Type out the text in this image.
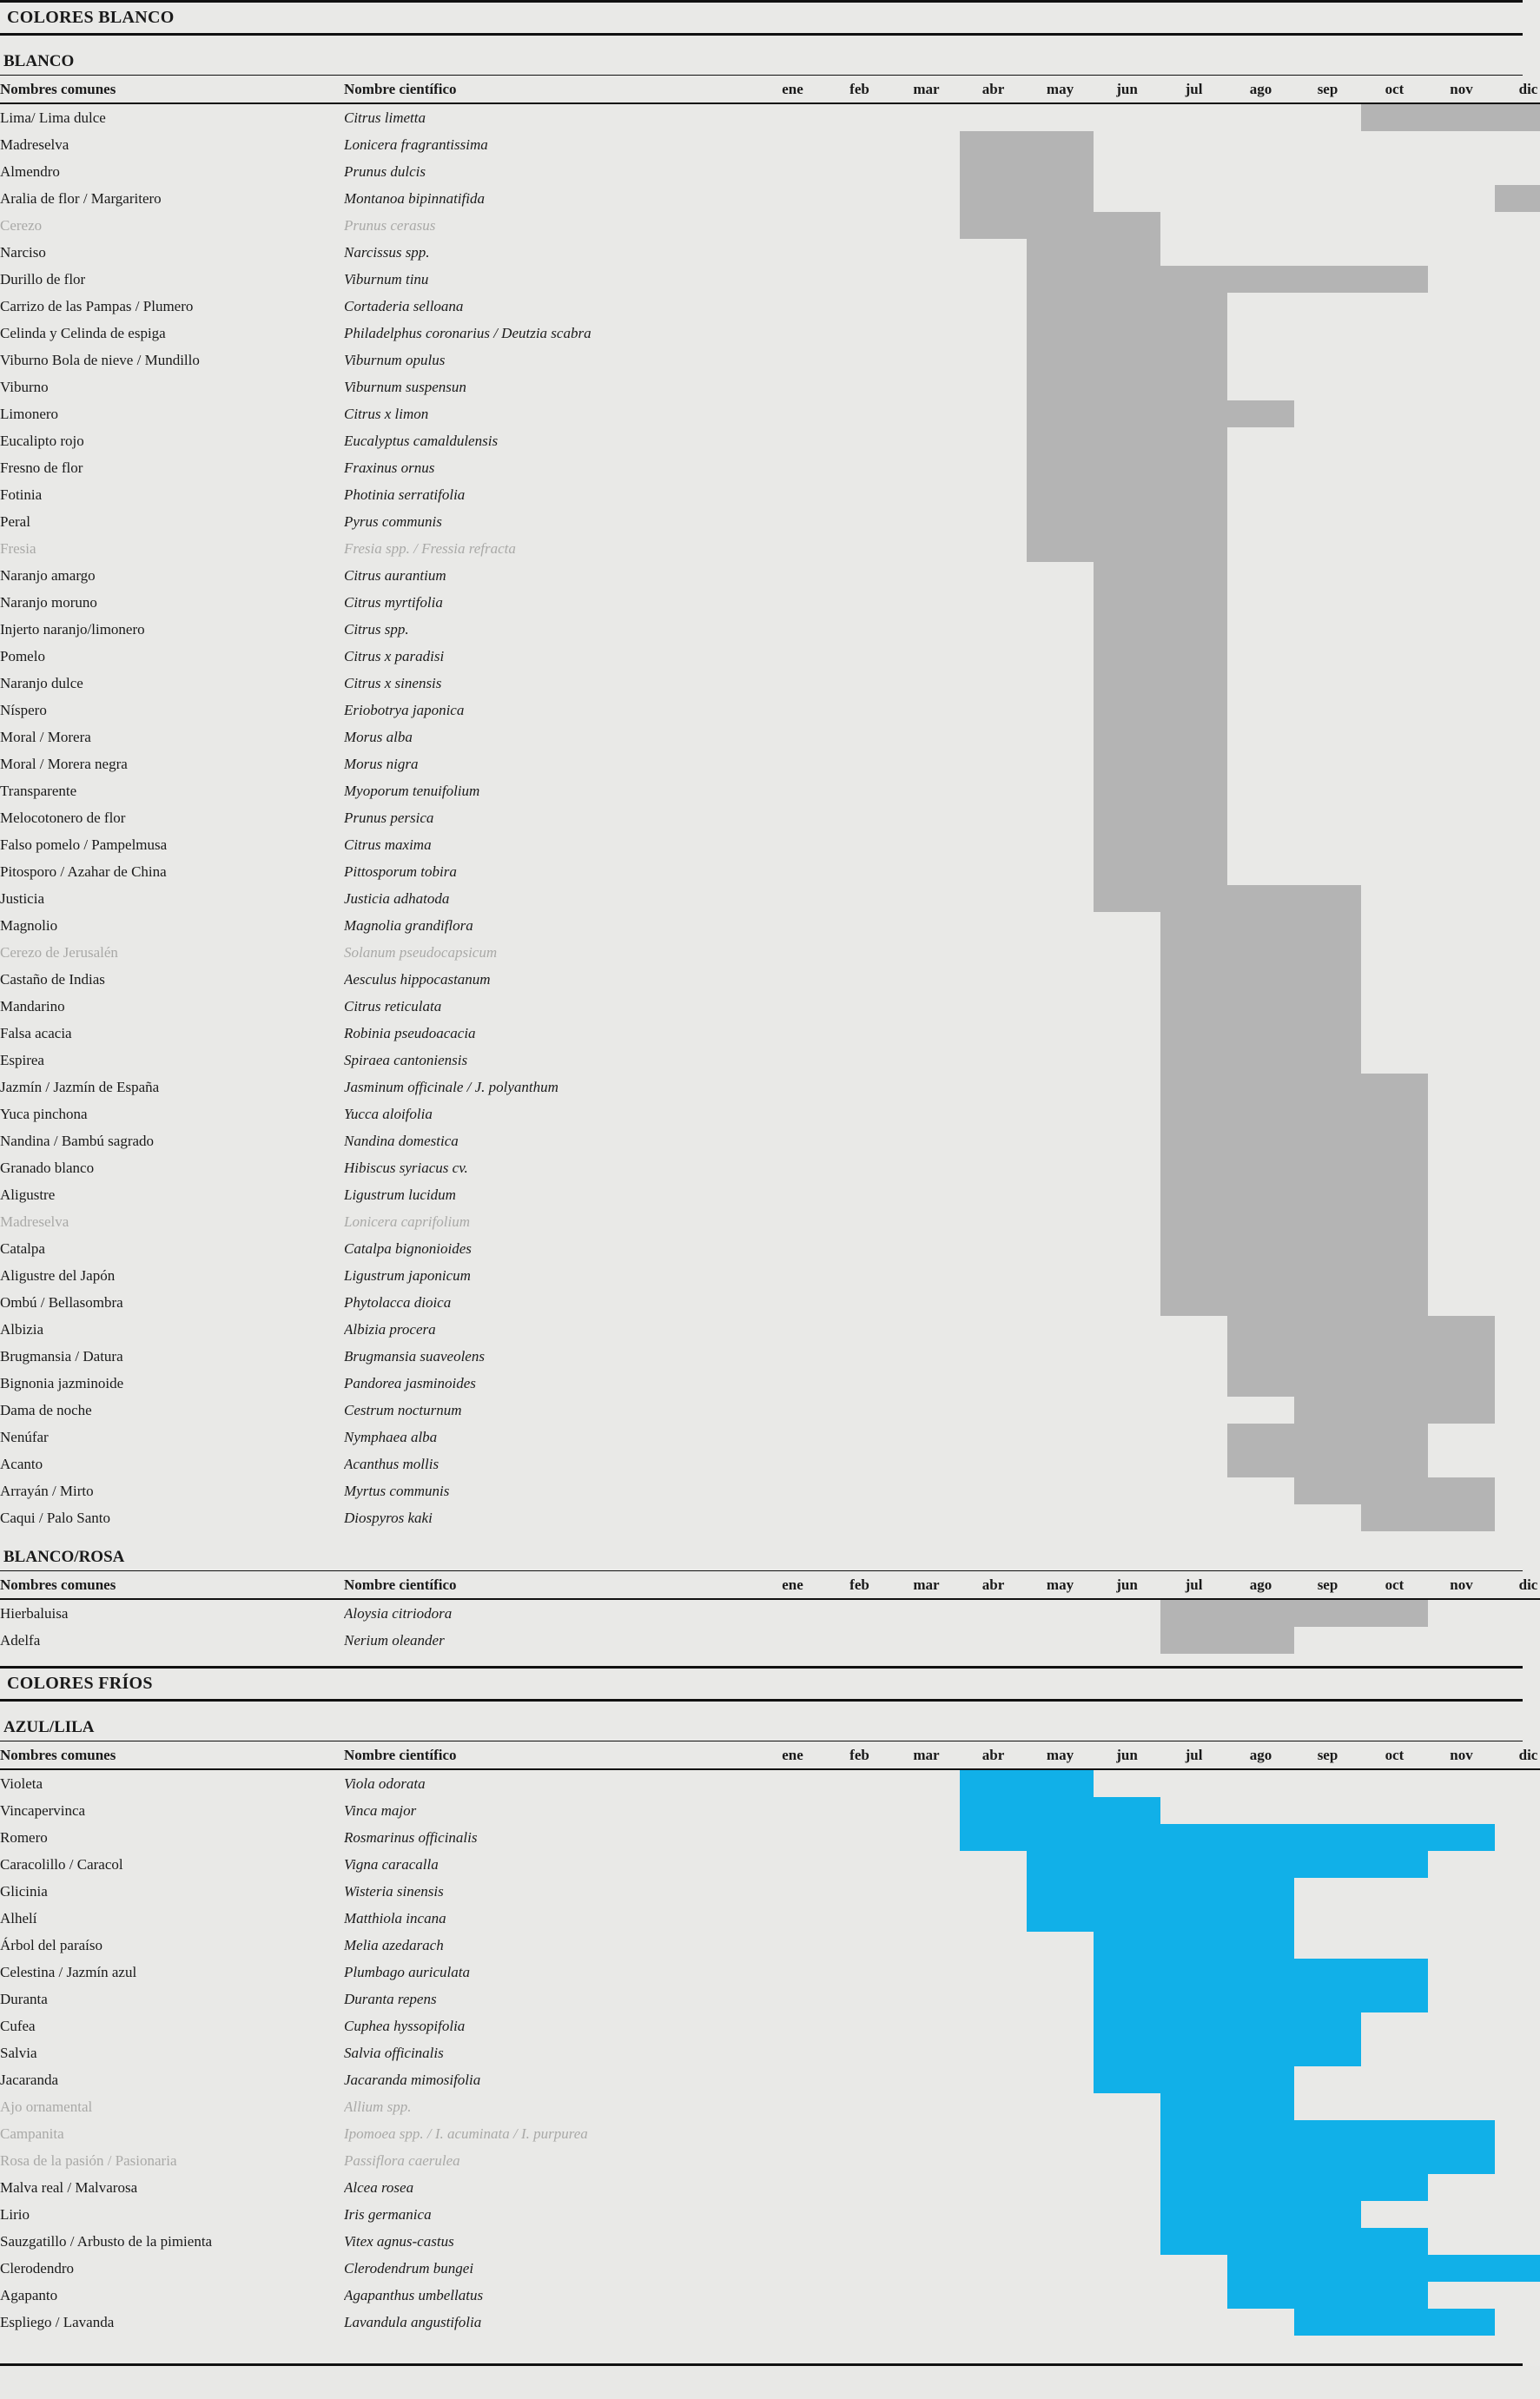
COLORES BLANCO
BLANCO
Nombres comunes	Nombre científico	ene	feb	mar	abr	may	jun	jul	ago	sep	oct	nov	dic
Lima/ Lima dulce	Citrus limetta	

Madreselva	Lonicera fragrantissima	

Almendro	Prunus dulcis	

Aralia de flor / Margaritero	Montanoa bipinnatifida	

Cerezo	Prunus cerasus	

Narciso	Narcissus spp.	

Durillo de flor	Viburnum tinu	

Carrizo de las Pampas / Plumero	Cortaderia selloana	

Celinda y Celinda de espiga	Philadelphus coronarius / Deutzia scabra	

Viburno Bola de nieve / Mundillo	Viburnum opulus	

Viburno	Viburnum suspensun	

Limonero	Citrus x limon	

Eucalipto rojo	Eucalyptus camaldulensis	

Fresno de flor	Fraxinus ornus	

Fotinia	Photinia serratifolia	

Peral	Pyrus communis	

Fresia	Fresia spp. / Fressia refracta	

Naranjo amargo	Citrus aurantium	

Naranjo moruno	Citrus myrtifolia	

Injerto naranjo/limonero	Citrus spp.	

Pomelo	Citrus x paradisi	

Naranjo dulce	Citrus x sinensis	

Níspero	Eriobotrya japonica	

Moral / Morera	Morus alba	

Moral / Morera negra	Morus nigra	

Transparente	Myoporum tenuifolium	

Melocotonero de flor	Prunus persica	

Falso pomelo / Pampelmusa	Citrus maxima	

Pitosporo / Azahar de China	Pittosporum tobira	

Justicia	Justicia adhatoda	

Magnolio	Magnolia grandiflora	

Cerezo de Jerusalén	Solanum pseudocapsicum	

Castaño de Indias	Aesculus hippocastanum	

Mandarino	Citrus reticulata	

Falsa acacia	Robinia pseudoacacia	

Espirea	Spiraea cantoniensis	

Jazmín / Jazmín de España	Jasminum officinale / J. polyanthum	

Yuca pinchona	Yucca aloifolia	

Nandina / Bambú sagrado	Nandina domestica	

Granado blanco	Hibiscus syriacus cv.	

Aligustre	Ligustrum lucidum	

Madreselva	Lonicera caprifolium	

Catalpa	Catalpa bignonioides	

Aligustre del Japón	Ligustrum japonicum	

Ombú / Bellasombra	Phytolacca dioica	

Albizia	Albizia procera	

Brugmansia / Datura	Brugmansia suaveolens	

Bignonia jazminoide	Pandorea jasminoides	

Dama de noche	Cestrum nocturnum	

Nenúfar	Nymphaea alba	

Acanto	Acanthus mollis	

Arrayán / Mirto	Myrtus communis	

Caqui / Palo Santo	Diospyros kaki	

BLANCO/ROSA
Nombres comunes	Nombre científico	ene	feb	mar	abr	may	jun	jul	ago	sep	oct	nov	dic
Hierbaluisa	Aloysia citriodora	

Adelfa	Nerium oleander	

COLORES FRÍOS
AZUL/LILA
Nombres comunes	Nombre científico	ene	feb	mar	abr	may	jun	jul	ago	sep	oct	nov	dic
Violeta	Viola odorata	

Vincapervinca	Vinca major	

Romero	Rosmarinus officinalis	

Caracolillo / Caracol	Vigna caracalla	

Glicinia	Wisteria sinensis	

Alhelí	Matthiola incana	

Árbol del paraíso	Melia azedarach	

Celestina / Jazmín azul	Plumbago auriculata	

Duranta	Duranta repens	

Cufea	Cuphea hyssopifolia	

Salvia	Salvia officinalis	

Jacaranda	Jacaranda mimosifolia	

Ajo ornamental	Allium spp.	

Campanita	Ipomoea spp. / I. acuminata / I. purpurea	

Rosa de la pasión / Pasionaria	Passiflora caerulea	

Malva real / Malvarosa	Alcea rosea	

Lirio	Iris germanica	

Sauzgatillo / Arbusto de la pimienta	Vitex agnus-castus	

Clerodendro	Clerodendrum bungei	

Agapanto	Agapanthus umbellatus	

Espliego / Lavanda	Lavandula angustifolia	
